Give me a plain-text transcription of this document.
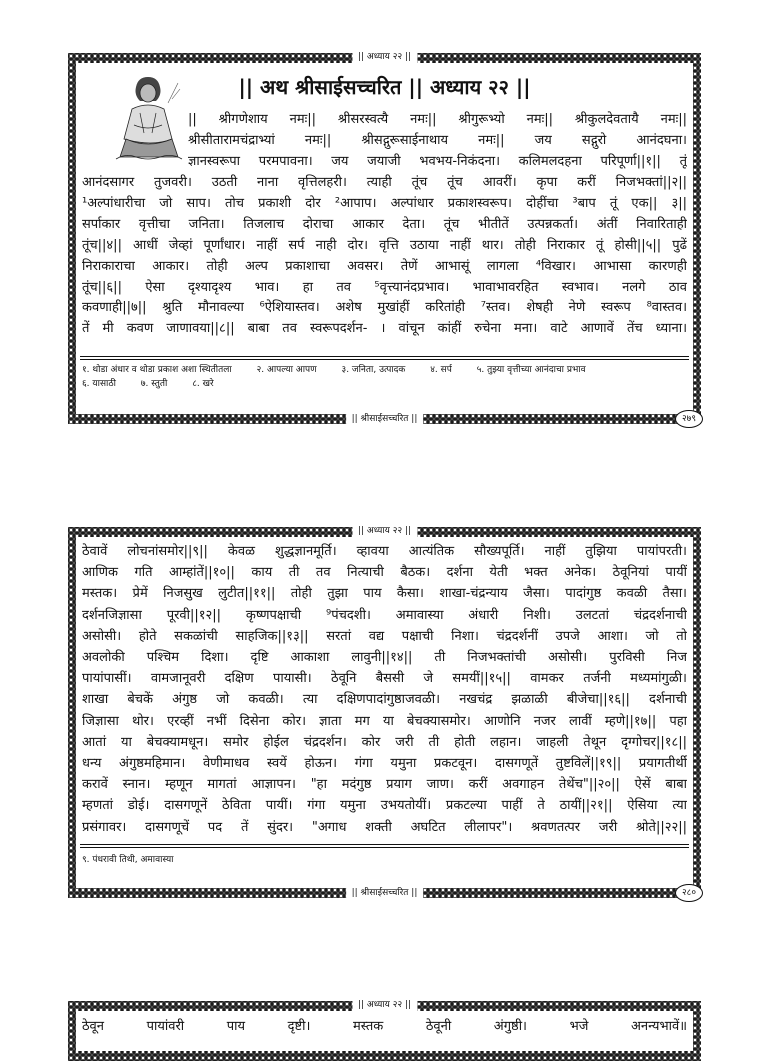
|| अध्याय २२ ||
|| अथ श्रीसाईसच्चरित || अध्याय २२ ||
|| श्रीगणेशाय नमः|| श्रीसरस्वत्यै नमः|| श्रीगुरूभ्यो नमः|| श्रीकुलदेवतायै नमः||
श्रीसीतारामचंद्राभ्यां नमः|| श्रीसद्गुरूसाईनाथाय नमः|| जय सद्गुरो आनंदघना।
ज्ञानस्वरूपा परमपावना। जय जयाजी भवभय-निकंदना। कलिमलदहना परिपूर्णा||१|| तूं
आनंदसागर तुजवरी। उठती नाना वृत्तिलहरी। त्याही तूंच तूंच आवरीं। कृपा करीं निजभक्तां||२||
¹अल्पांधारीचा जो साप। तोच प्रकाशी दोर ²आपाप। अल्पांधार प्रकाशस्वरूप। दोहींचा ³बाप तूं एक|| ३||
सर्पाकार वृत्तीचा जनिता। तिजलाच दोराचा आकार देता। तूंच भीतीतें उत्पन्नकर्ता। अंतीं निवारिताही
तूंच||४|| आधीं जेव्हां पूर्णांधार। नाहीं सर्प नाही दोर। वृत्ति उठाया नाहीं थार। तोही निराकार तूं होसी||५|| पुढें
निराकाराचा आकार। तोही अल्प प्रकाशाचा अवसर। तेणें आभासूं लागला ⁴विखार। आभासा कारणही
तूंच||६|| ऐसा दृश्यादृश्य भाव। हा तव ⁵वृत्त्यानंदप्रभाव। भावाभावरहित स्वभाव। नलगे ठाव
कवणाही||७|| श्रुति मौनावल्या ⁶ऐशियास्तव। अशेष मुखांहीं करितांही ⁷स्तव। शेषही नेणे स्वरूप ⁸वास्तव।
तें मी कवण जाणावया||८|| बाबा तव स्वरूपदर्शन- । वांचून कांहीं रुचेना मना। वाटे आणावें तेंच ध्याना।
१. थोडा अंधार व थोडा प्रकाश अशा स्थितीतला	२. आपल्या आपण	३. जनिता, उत्पादक	४. सर्प	५. तुझ्या वृत्तीच्या आनंदाचा प्रभाव
६. यासाठी	७. स्तुती	८. खरे
|| श्रीसाईसच्चरित ||	२७९
|| अध्याय २२ ||
ठेवावें लोचनांसमोर||९|| केवळ शुद्धज्ञानमूर्ति। व्हावया आत्यंतिक सौख्यपूर्ति। नाहीं तुझिया पायांपरती।
आणिक गति आम्हांतें||१०|| काय ती तव नित्याची बैठक। दर्शना येती भक्त अनेक। ठेवूनियां पायीं
मस्तक। प्रेमें निजसुख लुटीत||११|| तोही तुझा पाय कैसा। शाखा-चंद्रन्याय जैसा। पादांगुष्ठ कवळी तैसा।
दर्शनजिज्ञासा पूरवी||१२|| कृष्णपक्षाची ⁹पंचदशी। अमावास्या अंधारी निशी। उलटतां चंद्रदर्शनाची
असोसी। होते सकळांची साहजिक||१३|| सरतां वद्य पक्षाची निशा। चंद्रदर्शनीं उपजे आशा। जो तो
अवलोकी पश्चिम दिशा। दृष्टि आकाशा लावुनी||१४|| ती निजभक्तांची असोसी। पुरविसी निज
पायांपासीं। वामजानूवरी दक्षिण पायासी। ठेवूनि बैससी जे समयीं||१५|| वामकर तर्जनी मध्यमांगुळी।
शाखा बेचकें अंगुष्ठ जो कवळी। त्या दक्षिणपादांगुष्ठाजवळी। नखचंद्र झळाळी बीजेचा||१६|| दर्शनाची
जिज्ञासा थोर। एरव्हीं नभीं दिसेना कोर। ज्ञाता मग या बेचक्यासमोर। आणोनि नजर लावीं म्हणे||१७|| पहा
आतां या बेचक्यामधून। समोर होईल चंद्रदर्शन। कोर जरी ती होती लहान। जाहली तेथून दृग्गोचर||१८||
धन्य अंगुष्ठमहिमान। वेणीमाधव स्वयें होऊन। गंगा यमुना प्रकटवून। दासगणूतें तुष्टविलें||१९|| प्रयागतीर्थी
करावें स्नान। म्हणून मागतां आज्ञापन। "हा मदंगुष्ठ प्रयाग जाण। करीं अवगाहन तेथेंच"||२०|| ऐसें बाबा
म्हणतां डोई। दासगणूनें ठेविता पायीं। गंगा यमुना उभयतोयीं। प्रकटल्या पाहीं ते ठायीं||२१|| ऐसिया त्या
प्रसंगावर। दासगणूचें पद तें सुंदर। "अगाध शक्ती अघटित लीलापर"। श्रवणतत्पर जरी श्रोते||२२||
९. पंधरावी तिथी, अमावास्या
|| श्रीसाईसच्चरित ||	२८०
|| अध्याय २२ ||
ठेवून पायांवरी पाय दृष्टी। मस्तक ठेवूनी अंगुष्ठी। भजे अनन्यभावें॥
